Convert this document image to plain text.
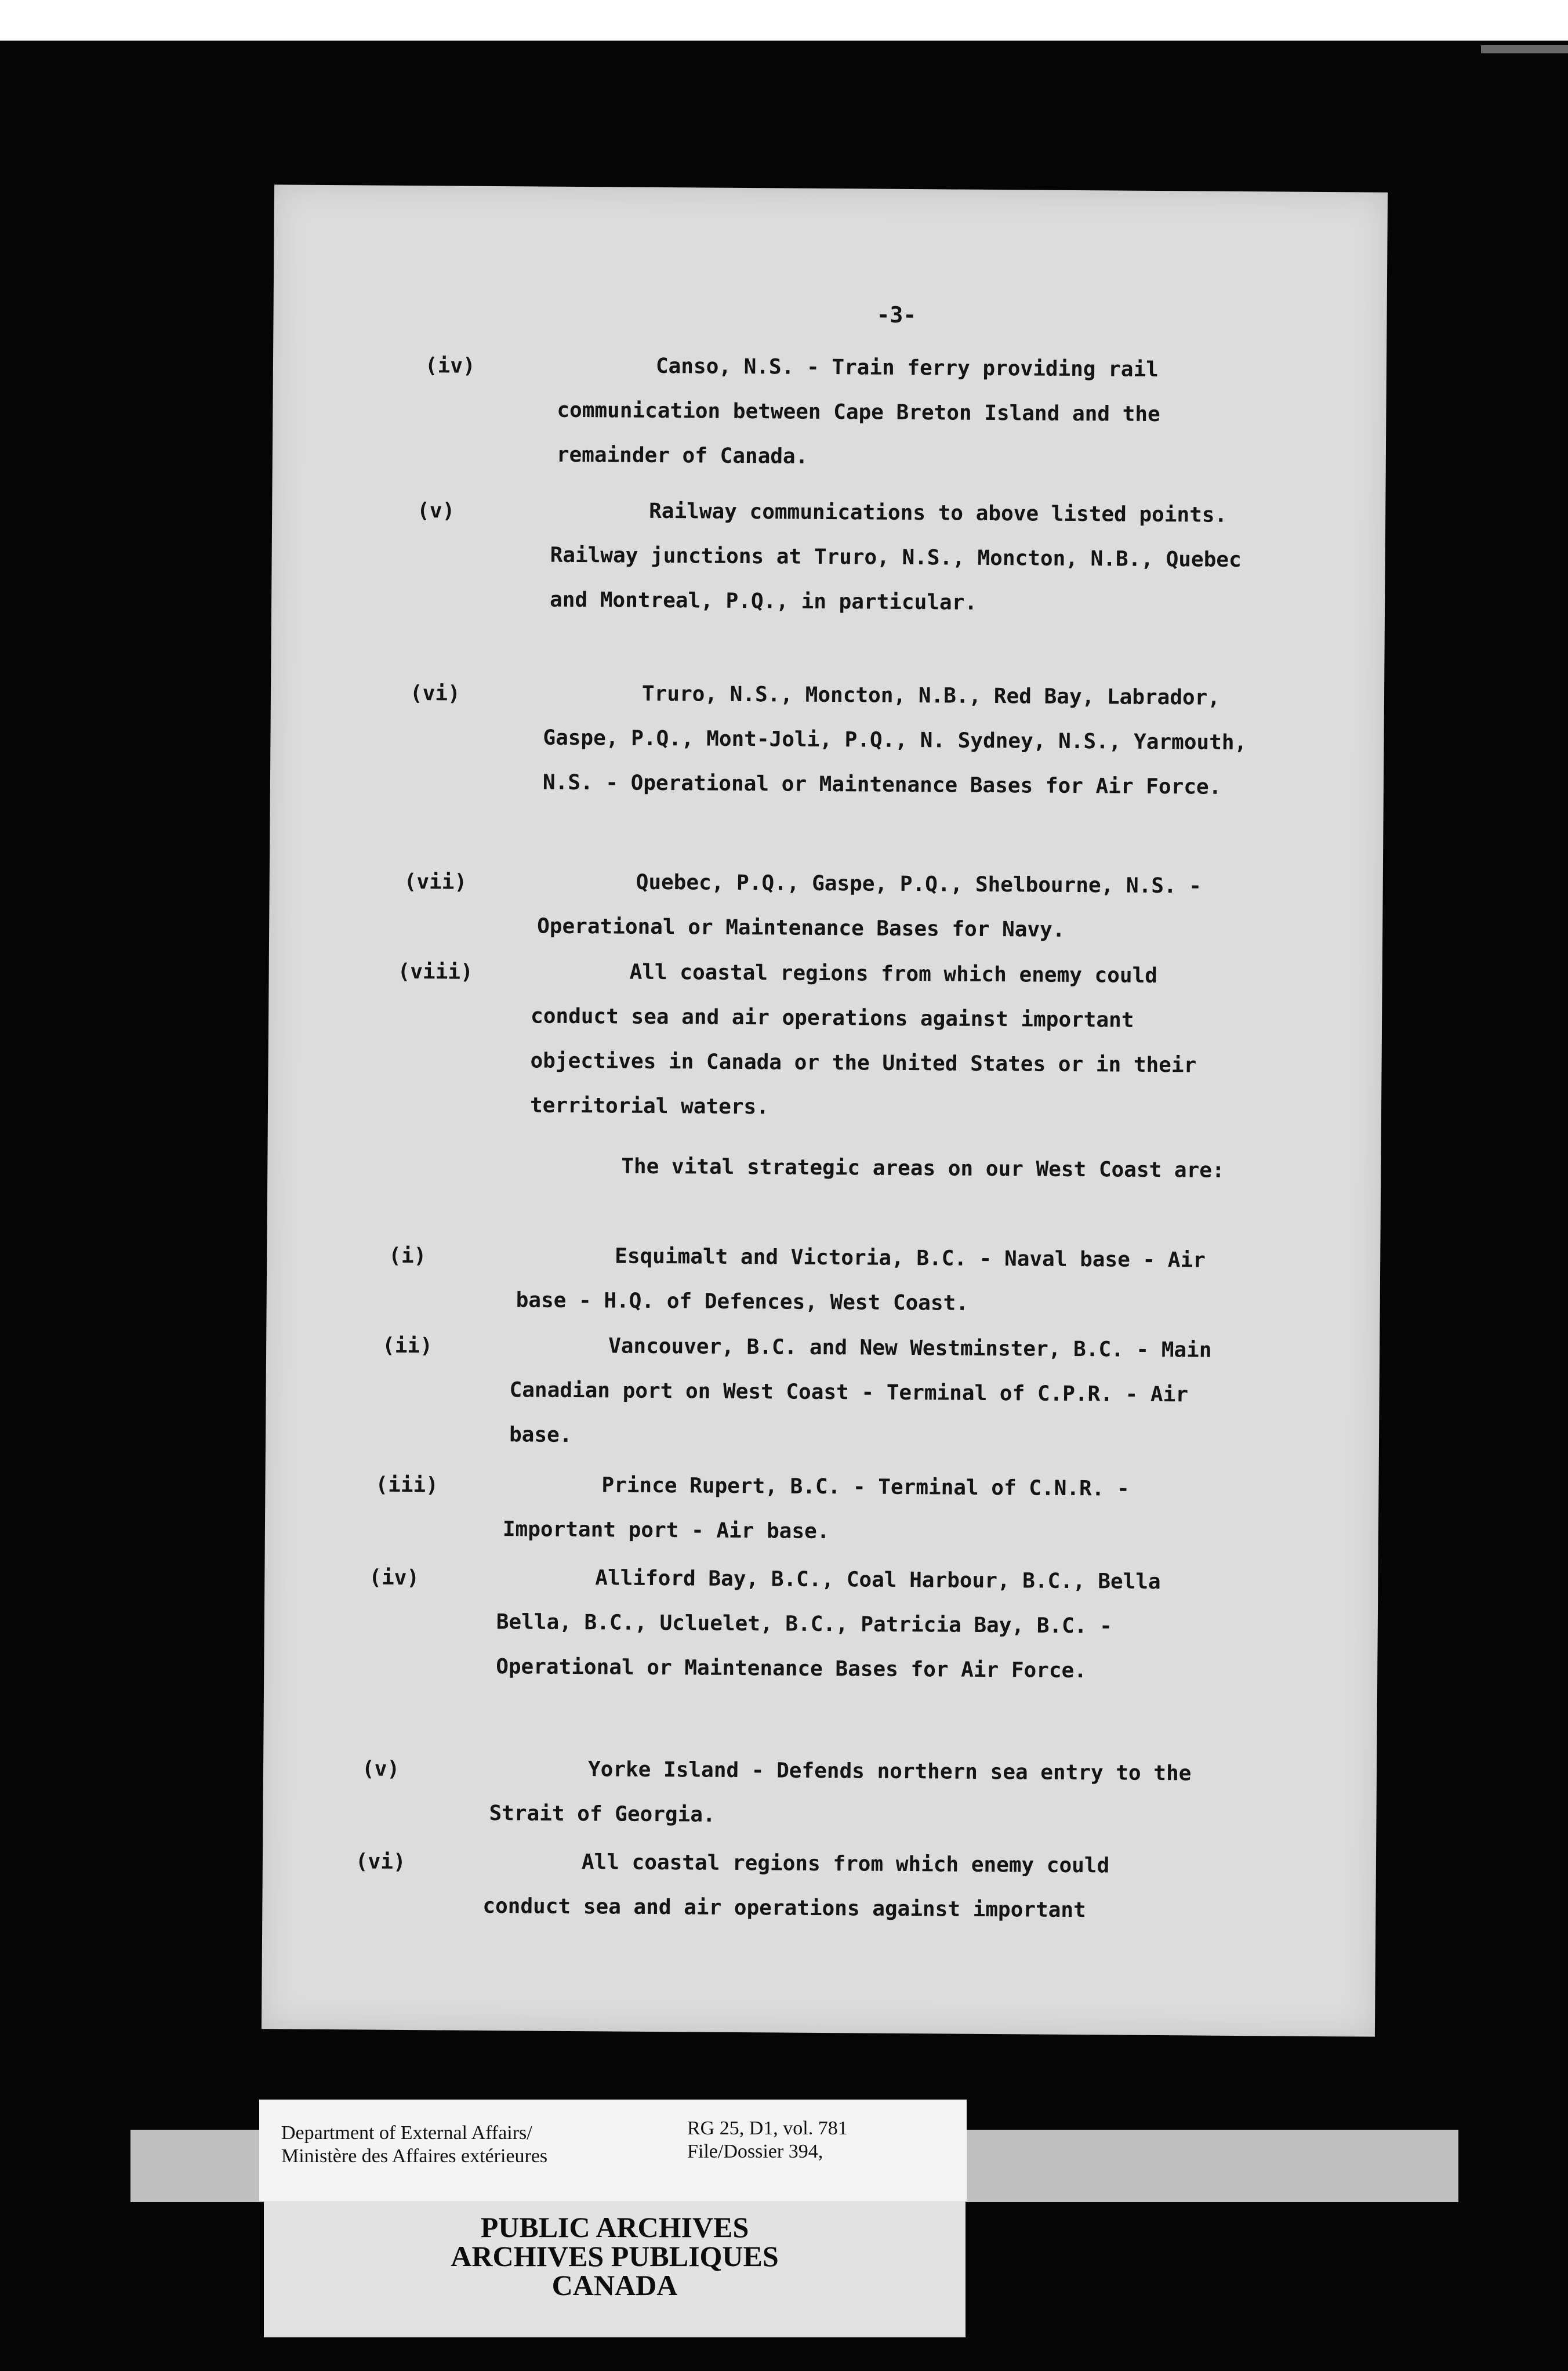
-3-
(iv)	Canso, N.S. - Train ferry providing rail communication between Cape Breton Island and the remainder of Canada.

(v)	Railway communications to above listed points. Railway junctions at Truro, N.S., Moncton, N.B., Quebec and Montreal, P.Q., in particular.

(vi)	Truro, N.S., Moncton, N.B., Red Bay, Labrador, Gaspe, P.Q., Mont-Joli, P.Q., N. Sydney, N.S., Yarmouth, N.S. - Operational or Maintenance Bases for Air Force.

(vii)	Quebec, P.Q., Gaspe, P.Q., Shelbourne, N.S. - Operational or Maintenance Bases for Navy.

(viii)	All coastal regions from which enemy could conduct sea and air operations against important objectives in Canada or the United States or in their territorial waters.

The vital strategic areas on our West Coast are:

(i)	Esquimalt and Victoria, B.C. - Naval base - Air base - H.Q. of Defences, West Coast.

(ii)	Vancouver, B.C. and New Westminster, B.C. - Main Canadian port on West Coast - Terminal of C.P.R. - Air base.

(iii)	Prince Rupert, B.C. - Terminal of C.N.R. - Important port - Air base.

(iv)	Alliford Bay, B.C., Coal Harbour, B.C., Bella Bella, B.C., Ucluelet, B.C., Patricia Bay, B.C. - Operational or Maintenance Bases for Air Force.

(v)	Yorke Island - Defends northern sea entry to the Strait of Georgia.

(vi)	All coastal regions from which enemy could conduct sea and air operations against important

Department of External Affairs/
Ministère des Affaires extérieures
RG 25, D1, vol. 781
File/Dossier 394,
PUBLIC ARCHIVES
ARCHIVES PUBLIQUES
CANADA
